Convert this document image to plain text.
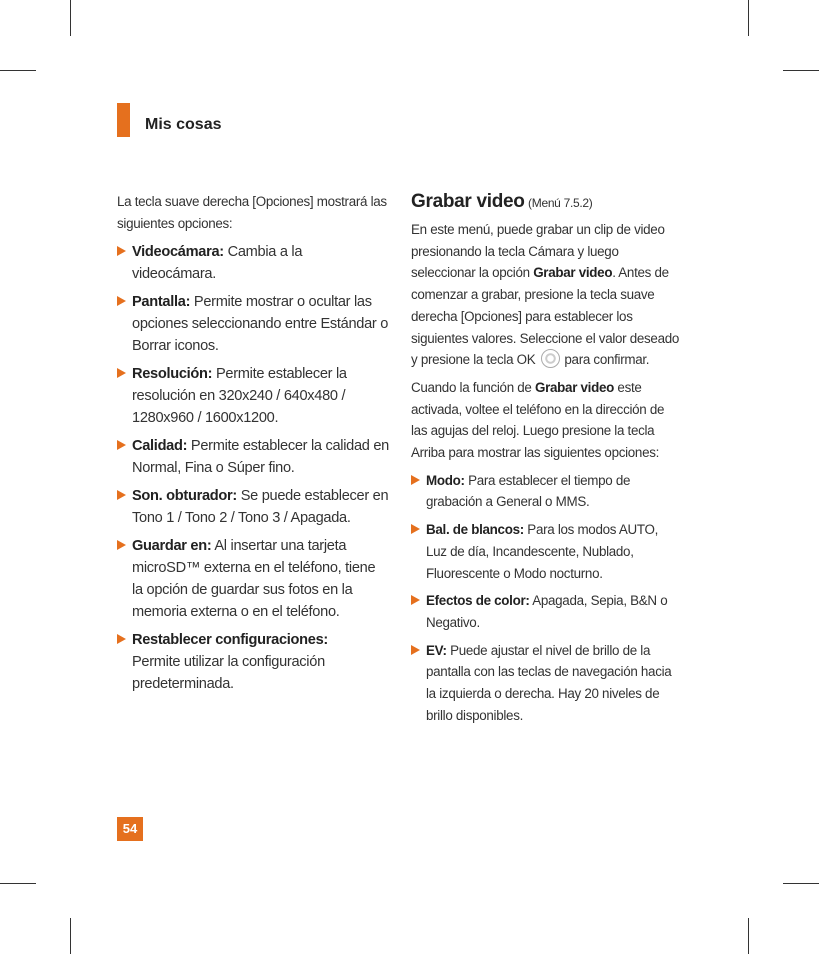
Mis cosas

La tecla suave derecha [Opciones] mostrará las siguientes opciones:

Videocámara: Cambia a la videocámara.
Pantalla: Permite mostrar o ocultar las opciones seleccionando entre Estándar o Borrar iconos.
Resolución: Permite establecer la resolución en 320x240 / 640x480 / 1280x960 / 1600x1200.
Calidad: Permite establecer la calidad en Normal, Fina o Súper fino.
Son. obturador: Se puede establecer en Tono 1 / Tono 2 / Tono 3 / Apagada.
Guardar en: Al insertar una tarjeta microSD™ externa en el teléfono, tiene la opción de guardar sus fotos en la memoria externa o en el teléfono.
Restablecer configuraciones:
Permite utilizar la configuración predeterminada.

Grabar video (Menú 7.5.2)

En este menú, puede grabar un clip de video presionando la tecla Cámara y luego seleccionar la opción Grabar video. Antes de comenzar a grabar, presione la tecla suave derecha [Opciones] para establecer los siguientes valores. Seleccione el valor deseado y presione la tecla OK para confirmar.

Cuando la función de Grabar video este activada, voltee el teléfono en la dirección de las agujas del reloj. Luego presione la tecla Arriba para mostrar las siguientes opciones:

Modo: Para establecer el tiempo de grabación a General o MMS.
Bal. de blancos: Para los modos AUTO, Luz de día, Incandescente, Nublado, Fluorescente o Modo nocturno.
Efectos de color: Apagada, Sepia, B&N o Negativo.
EV: Puede ajustar el nivel de brillo de la pantalla con las teclas de navegación hacia la izquierda o derecha. Hay 20 niveles de brillo disponibles.
54
